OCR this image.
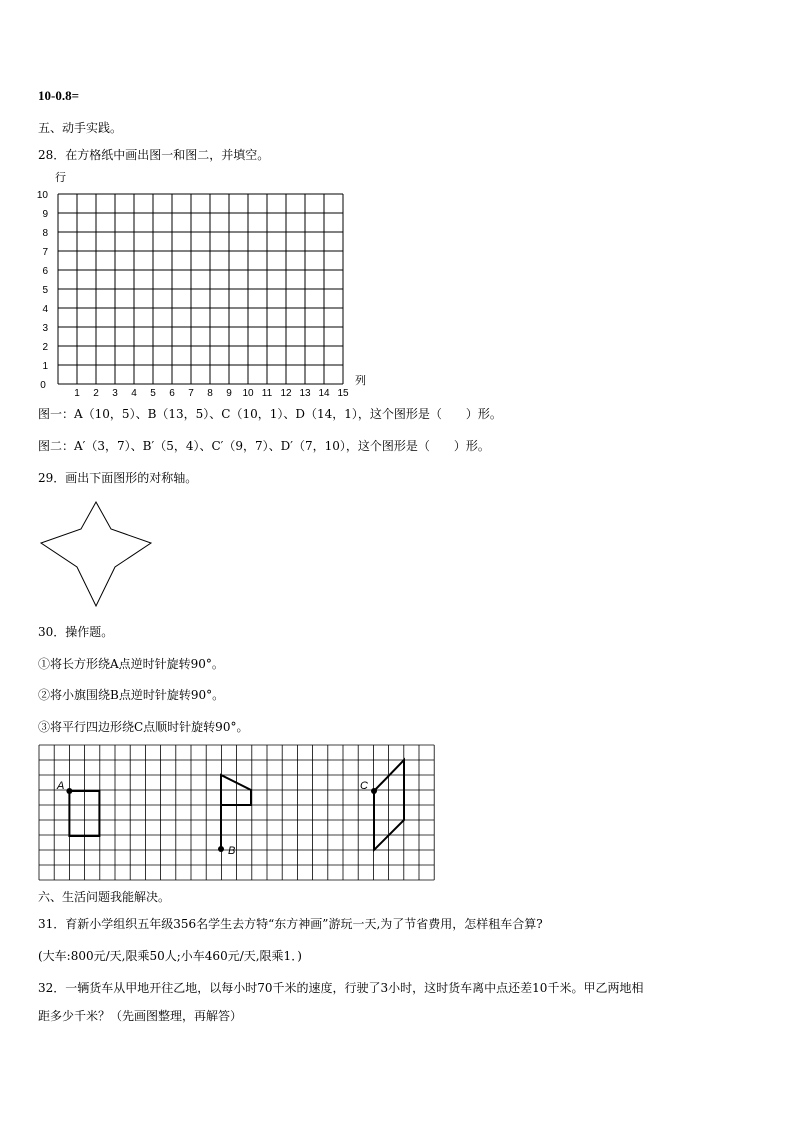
10-0.8=
五、动手实践。
28．在方格纸中画出图一和图二，并填空。
行
列
0
1
2
3
4
5
6
7
8
9
10
1 2 3 4 5 6 7 8 9 10 11 12 13 14 15
图一：A（10，5）、B（13，5）、C（10，1）、D（14，1），这个图形是（　　）形。
图二：A′（3，7）、B′（5，4）、C′（9，7）、D′（7，10），这个图形是（　　）形。
29．画出下面图形的对称轴。
30．操作题。
①将长方形绕A点逆时针旋转90°。
②将小旗围绕B点逆时针旋转90°。
③将平行四边形绕C点顺时针旋转90°。
A
B
C
六、生活问题我能解决。
31．育新小学组织五年级356名学生去方特“东方神画”游玩一天,为了节省费用，怎样租车合算?
(大车:800元/天,限乘50人;小车460元/天,限乘1．)
32．一辆货车从甲地开往乙地，以每小时70千米的速度，行驶了3小时，这时货车离中点还差10千米。甲乙两地相
距多少千米？（先画图整理，再解答）
